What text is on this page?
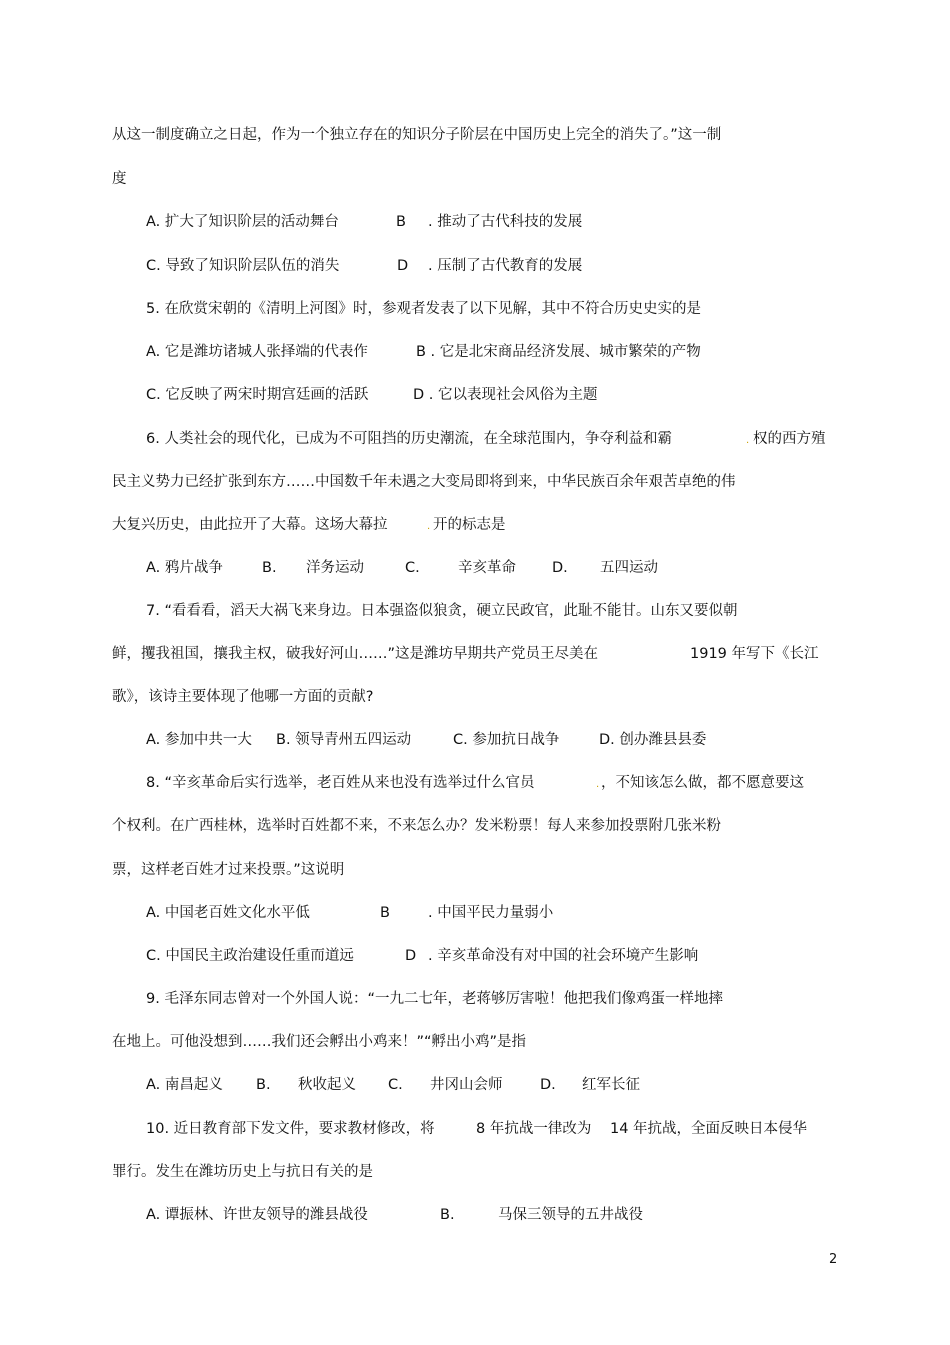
从这一制度确立之日起，作为一个独立存在的知识分子阶层在中国历史上完全的消失了。”这一制
度
A. 扩大了知识阶层的活动舞台	B . 推动了古代科技的发展
C. 导致了知识阶层队伍的消失	D . 压制了古代教育的发展
5. 在欣赏宋朝的《清明上河图》时，参观者发表了以下见解，其中不符合历史史实的是
A. 它是潍坊诸城人张择端的代表作	B . 它是北宋商品经济发展、城市繁荣的产物
C. 它反映了两宋时期宫廷画的活跃	D . 它以表现社会风俗为主题
6. 人类社会的现代化，已成为不可阻挡的历史潮流，在全球范围内，争夺利益和霸	. 权的西方殖
民主义势力已经扩张到东方……中国数千年未遇之大变局即将到来，中华民族百余年艰苦卓绝的伟
大复兴历史，由此拉开了大幕。这场大幕拉	. 开的标志是
A. 鸦片战争	B. 洋务运动	C.	辛亥革命 D. 五四运动
7. “看看看，滔天大祸飞来身边。日本强盗似狼贪，硬立民政官，此耻不能甘。山东又要似朝
鲜，攫我祖国，攘我主权，破我好河山……”这是潍坊早期共产党员王尽美在	1919 年写下《长江
歌》，该诗主要体现了他哪一方面的贡献?
A. 参加中共一大 B. 领导青州五四运动	C. 参加抗日战争	D. 创办潍县县委
8. “辛亥革命后实行选举，老百姓从来也没有选举过什么官员	. ，不知该怎么做，都不愿意要这
个权利。在广西桂林，选举时百姓都不来，不来怎么办？发米粉票！每人来参加投票附几张米粉
票，这样老百姓才过来投票。”这说明
A. 中国老百姓文化水平低	B	. 中国平民力量弱小
C. 中国民主政治建设任重而道远	D . 辛亥革命没有对中国的社会环境产生影响
9. 毛泽东同志曾对一个外国人说：“一九二七年，老蒋够厉害啦！他把我们像鸡蛋一样地摔
在地上。可他没想到……我们还会孵出小鸡来！”“孵出小鸡”是指
A. 南昌起义 B. 秋收起义 C. 井冈山会师	D. 红军长征
10. 近日教育部下发文件，要求教材修改，将	8 年抗战一律改为 14 年抗战，全面反映日本侵华
罪行。发生在潍坊历史上与抗日有关的是
A. 谭振林、许世友领导的潍县战役	B.	马保三领导的五井战役
2
